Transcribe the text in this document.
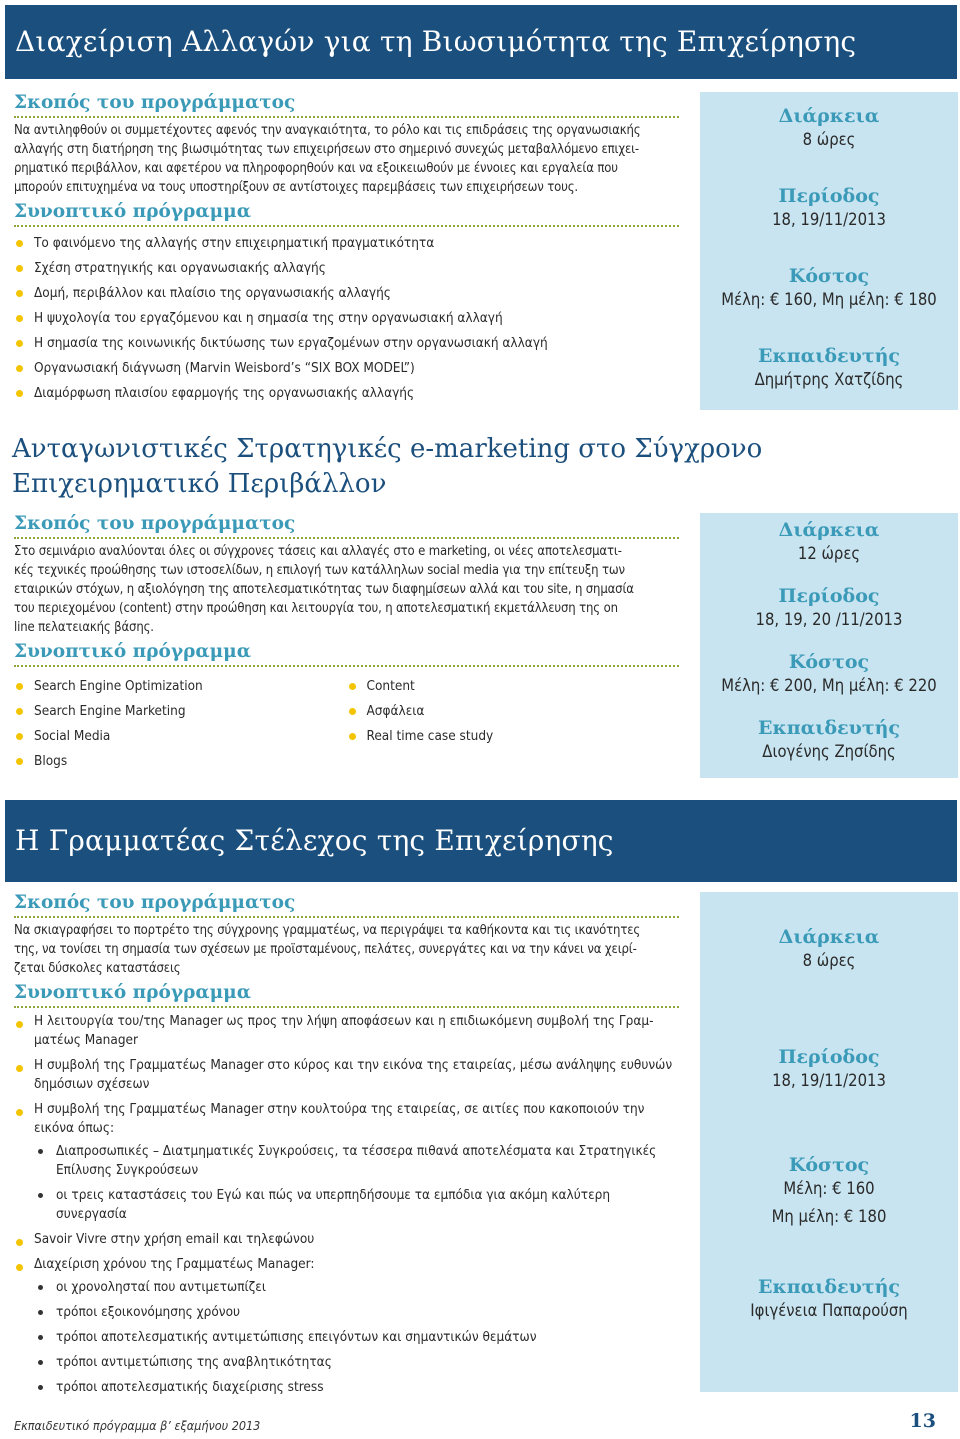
Διαχείριση Αλλαγών για τη Βιωσιμότητα της Επιχείρησης
Σκοπός του προγράμματος

Να αντιληφθούν οι συμμετέχοντες αφενός την αναγκαιότητα, το ρόλο και τις επιδράσεις της οργανωσιακής

αλλαγής στη διατήρηση της βιωσιμότητας των επιχειρήσεων στο σημερινό συνεχώς μεταβαλλόμενο επιχει-

ρηματικό περιβάλλον, και αφετέρου να πληροφορηθούν και να εξοικειωθούν με έννοιες και εργαλεία που

μπορούν επιτυχημένα να τους υποστηρίξουν σε αντίστοιχες παρεμβάσεις των επιχειρήσεων τους.

Συνοπτικό πρόγραμμα
Το φαινόμενο της αλλαγής στην επιχειρηματική πραγματικότητα
Σχέση στρατηγικής και οργανωσιακής αλλαγής
Δομή, περιβάλλον και πλαίσιο της οργανωσιακής αλλαγής
Η ψυχολογία του εργαζόμενου και η σημασία της στην οργανωσιακή αλλαγή
Η σημασία της κοινωνικής δικτύωσης των εργαζομένων στην οργανωσιακή αλλαγή
Οργανωσιακή διάγνωση (Marvin Weisbord’s “SIX BOX MODEL”)
Διαμόρφωση πλαισίου εφαρμογής της οργανωσιακής αλλαγής
Διάρκεια
8 ώρες
Περίοδος
18, 19/11/2013
Κόστος
Μέλη: € 160, Μη μέλη: € 180
Εκπαιδευτής
Δημήτρης Χατζίδης
Ανταγωνιστικές Στρατηγικές e-marketing στο Σύγχρονο
Επιχειρηματικό Περιβάλλον
Σκοπός του προγράμματος

Στο σεμινάριο αναλύονται όλες οι σύγχρονες τάσεις και αλλαγές στο e marketing, οι νέες αποτελεσματι-

κές τεχνικές προώθησης των ιστοσελίδων, η επιλογή των κατάλληλων social media για την επίτευξη των

εταιρικών στόχων, η αξιολόγηση της αποτελεσματικότητας των διαφημίσεων αλλά και του site, η σημασία

του περιεχομένου (content) στην προώθηση και λειτουργία του, η αποτελεσματική εκμετάλλευση της on

line πελατειακής βάσης.

Συνοπτικό πρόγραμμα
Search Engine Optimization
Search Engine Marketing
Social Media
Blogs
Content
Ασφάλεια
Real time case study
Διάρκεια
12 ώρες
Περίοδος
18, 19, 20 /11/2013
Κόστος
Μέλη: € 200, Μη μέλη: € 220
Εκπαιδευτής
Διογένης Ζησίδης
Η Γραμματέας Στέλεχος της Επιχείρησης
Σκοπός του προγράμματος

Να σκιαγραφήσει το πορτρέτο της σύγχρονης γραμματέως, να περιγράψει τα καθήκοντα και τις ικανότητες

της, να τονίσει τη σημασία των σχέσεων με προϊσταμένους, πελάτες, συνεργάτες και να την κάνει να χειρί-

ζεται δύσκολες καταστάσεις

Συνοπτικό πρόγραμμα
Η λειτουργία του/της Manager ως προς την λήψη αποφάσεων και η επιδιωκόμενη συμβολή της Γραμ-ματέως Manager
Η συμβολή της Γραμματέως Manager στο κύρος και την εικόνα της εταιρείας, μέσω ανάληψης ευθυνών δημόσιων σχέσεων
Η συμβολή της Γραμματέως Manager στην κουλτούρα της εταιρείας, σε αιτίες που κακοποιούν την εικόνα όπως:
Διαπροσωπικές – Διατμηματικές Συγκρούσεις, τα τέσσερα πιθανά αποτελέσματα και Στρατηγικές Επίλυσης Συγκρούσεων
οι τρεις καταστάσεις του Εγώ και πώς να υπερπηδήσουμε τα εμπόδια για ακόμη καλύτερη συνεργασία
Savoir Vivre στην χρήση email και τηλεφώνου
Διαχείριση χρόνου της Γραμματέως Manager:
οι χρονολησταί που αντιμετωπίζει
τρόποι εξοικονόμησης χρόνου
τρόποι αποτελεσματικής αντιμετώπισης επειγόντων και σημαντικών θεμάτων
τρόποι αντιμετώπισης της αναβλητικότητας
τρόποι αποτελεσματικής διαχείρισης stress
Διάρκεια
8 ώρες
Περίοδος
18, 19/11/2013
Κόστος
Μέλη: € 160
Μη μέλη: € 180
Εκπαιδευτής
Ιφιγένεια Παπαρούση
Εκπαιδευτικό πρόγραμμα β’ εξαμήνου 2013	13
